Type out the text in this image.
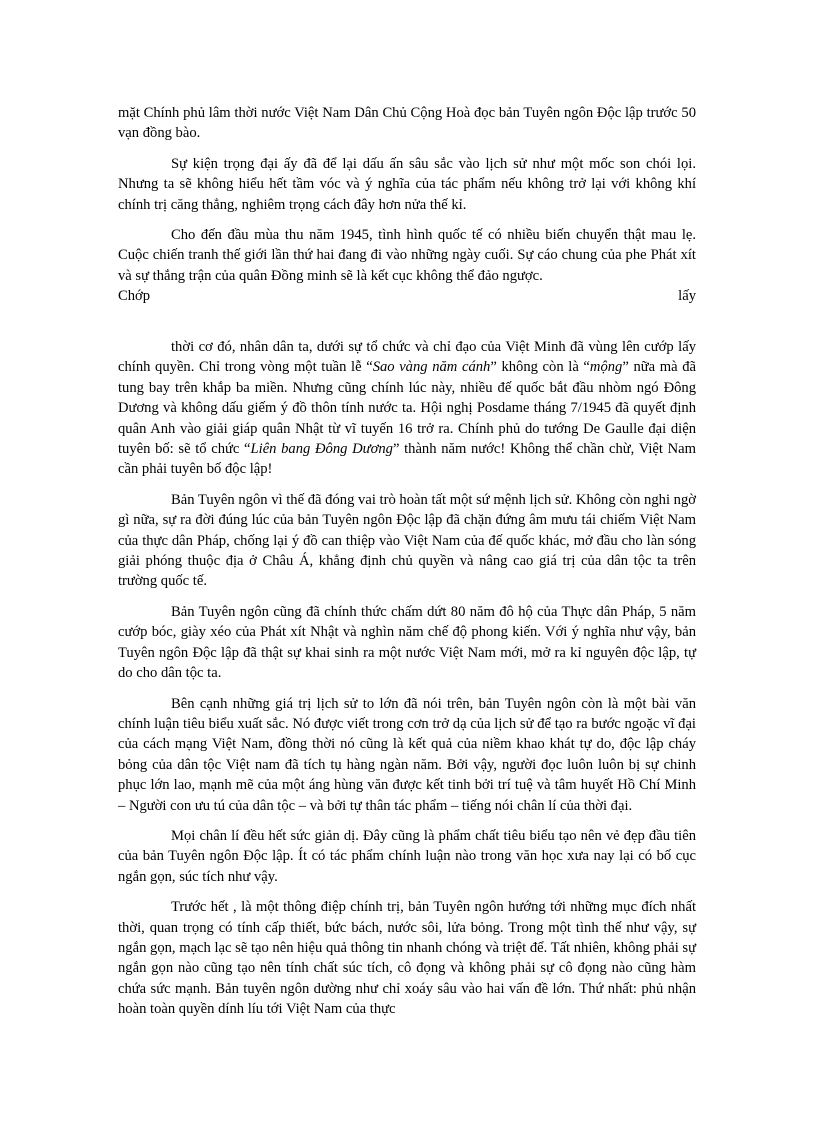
mặt Chính phủ lâm thời nước Việt Nam Dân Chủ Cộng Hoà đọc bản Tuyên ngôn Độc lập trước 50 vạn đồng bào.

Sự kiện trọng đại ấy đã để lại dấu ấn sâu sắc vào lịch sử như một mốc son chói lọi. Nhưng ta sẽ không hiểu hết tầm vóc và ý nghĩa của tác phẩm nếu không trở lại với không khí chính trị căng thẳng, nghiêm trọng cách đây hơn nửa thế kỉ.

Cho đến đầu mùa thu năm 1945, tình hình quốc tế có nhiều biến chuyển thật mau lẹ. Cuộc chiến tranh thế giới lần thứ hai đang đi vào những ngày cuối. Sự cáo chung của phe Phát xít và sự thắng trận của quân Đồng minh sẽ là kết cục không thể đảo ngược.

Chớp	lấy

thời cơ đó, nhân dân ta, dưới sự tổ chức và chỉ đạo của Việt Minh đã vùng lên cướp lấy chính quyền. Chỉ trong vòng một tuần lễ “Sao vàng năm cánh” không còn là “mộng” nữa mà đã tung bay trên khắp ba miền. Nhưng cũng chính lúc này, nhiều đế quốc bắt đầu nhòm ngó Đông Dương và không dấu giếm ý đồ thôn tính nước ta. Hội nghị Posdame tháng 7/1945 đã quyết định quân Anh vào giải giáp quân Nhật từ vĩ tuyến 16 trở ra. Chính phủ do tướng De Gaulle đại diện tuyên bố: sẽ tổ chức “Liên bang Đông Dương” thành năm nước! Không thể chần chừ, Việt Nam cần phải tuyên bố độc lập!

Bản Tuyên ngôn vì thế đã đóng vai trò hoàn tất một sứ mệnh lịch sử. Không còn nghi ngờ gì nữa, sự ra đời đúng lúc của bản Tuyên ngôn Độc lập đã chặn đứng âm mưu tái chiếm Việt Nam của thực dân Pháp, chống lại ý đồ can thiệp vào Việt Nam của đế quốc khác, mở đầu cho làn sóng giải phóng thuộc địa ở Châu Á, khẳng định chủ quyền và nâng cao giá trị của dân tộc ta trên trường quốc tế.

Bản Tuyên ngôn cũng đã chính thức chấm dứt 80 năm đô hộ của Thực dân Pháp, 5 năm cướp bóc, giày xéo của Phát xít Nhật và nghìn năm chế độ phong kiến. Với ý nghĩa như vậy, bản Tuyên ngôn Độc lập đã thật sự khai sinh ra một nước Việt Nam mới, mở ra kỉ nguyên độc lập, tự do cho dân tộc ta.

Bên cạnh những giá trị lịch sử to lớn đã nói trên, bản Tuyên ngôn còn là một bài văn chính luận tiêu biểu xuất sắc. Nó được viết trong cơn trở dạ của lịch sử để tạo ra bước ngoặc vĩ đại của cách mạng Việt Nam, đồng thời nó cũng là kết quả của niềm khao khát tự do, độc lập cháy bỏng của dân tộc Việt nam đã tích tụ hàng ngàn năm. Bởi vậy, người đọc luôn luôn bị sự chinh phục lớn lao, mạnh mẽ của một áng hùng văn được kết tinh bởi trí tuệ và tâm huyết Hồ Chí Minh – Người con ưu tú của dân tộc – và bởi tự thân tác phẩm – tiếng nói chân lí của thời đại.

Mọi chân lí đều hết sức giản dị. Đây cũng là phẩm chất tiêu biểu tạo nên vẻ đẹp đầu tiên của bản Tuyên ngôn Độc lập. Ít có tác phẩm chính luận nào trong văn học xưa nay lại có bố cục ngắn gọn, súc tích như vậy.

Trước hết , là một thông điệp chính trị, bản Tuyên ngôn hướng tới những mục đích nhất thời, quan trọng có tính cấp thiết, bức bách, nước sôi, lửa bỏng. Trong một tình thế như vậy, sự ngắn gọn, mạch lạc sẽ tạo nên hiệu quả thông tin nhanh chóng và triệt để. Tất nhiên, không phải sự ngắn gọn nào cũng tạo nên tính chất súc tích, cô đọng và không phải sự cô đọng nào cũng hàm chứa sức mạnh. Bản tuyên ngôn dường như chỉ xoáy sâu vào hai vấn đề lớn. Thứ nhất: phủ nhận hoàn toàn quyền dính líu tới Việt Nam của thực
